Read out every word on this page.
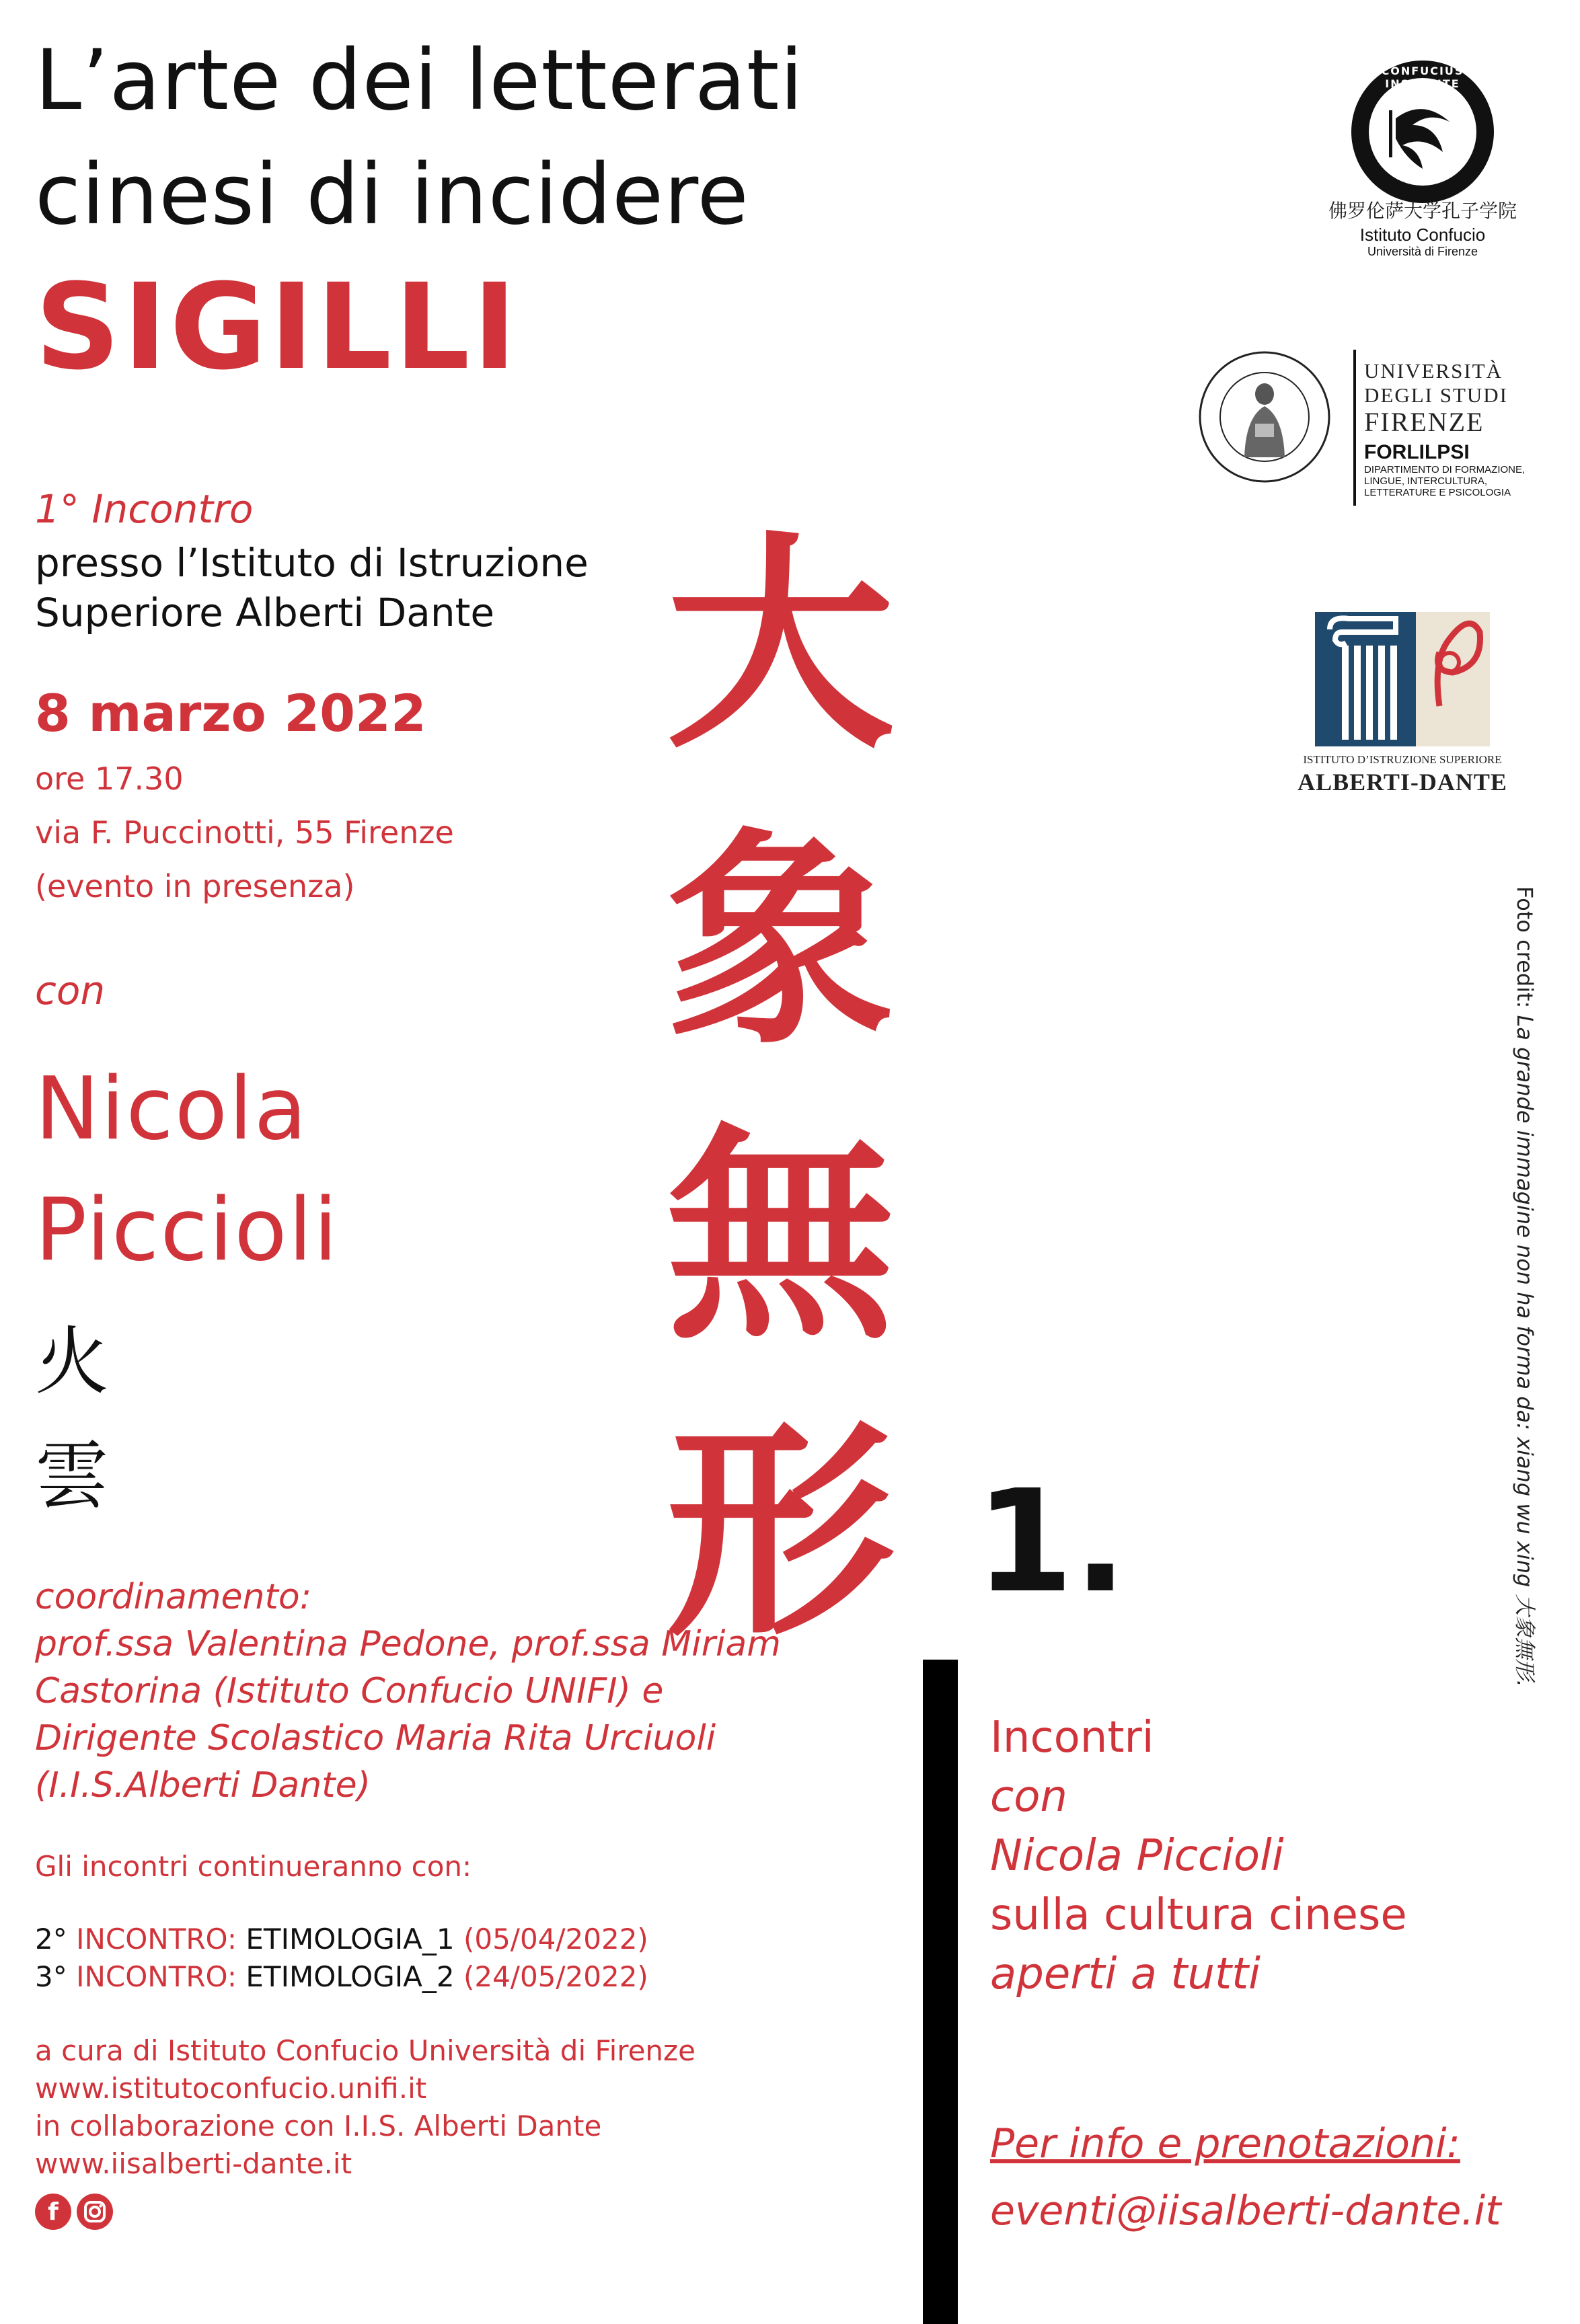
L’arte dei letterati
cinesi di incidere
SIGILLI
1° Incontro
presso l’Istituto di Istruzione
Superiore Alberti Dante
8 marzo 2022
ore 17.30
via F. Puccinotti, 55 Firenze
(evento in presenza)
con
Nicola
Piccioli
火
雲
coordinamento:
prof.ssa Valentina Pedone, prof.ssa Miriam
Castorina (Istituto Confucio UNIFI) e
Dirigente Scolastico Maria Rita Urciuoli
(I.I.S.Alberti Dante)
Gli incontri continueranno con:
2° INCONTRO: ETIMOLOGIA_1 (05/04/2022)
3° INCONTRO: ETIMOLOGIA_2 (24/05/2022)
a cura di Istituto Confucio Università di Firenze
www.istitutoconfucio.unifi.it
in collaborazione con I.I.S. Alberti Dante
www.iisalberti-dante.it
f
大
象
無
形 1.
Incontri
con
Nicola Piccioli
sulla cultura cinese
aperti a tutti
Per info e prenotazioni:
eventi@iisalberti-dante.it
CONFUCIUS INSTITUTE
佛罗伦萨大学孔子学院
Istituto Confucio
Università di Firenze
UNIVERSITÀ
DEGLI STUDI
FIRENZE
FORLILPSI
DIPARTIMENTO DI FORMAZIONE,
LINGUE, INTERCULTURA,
LETTERATURE E PSICOLOGIA
ISTITUTO D’ISTRUZIONE SUPERIORE
ALBERTI-DANTE
Foto credit: La grande immagine non ha forma da: xiang wu xing 大象無形.
